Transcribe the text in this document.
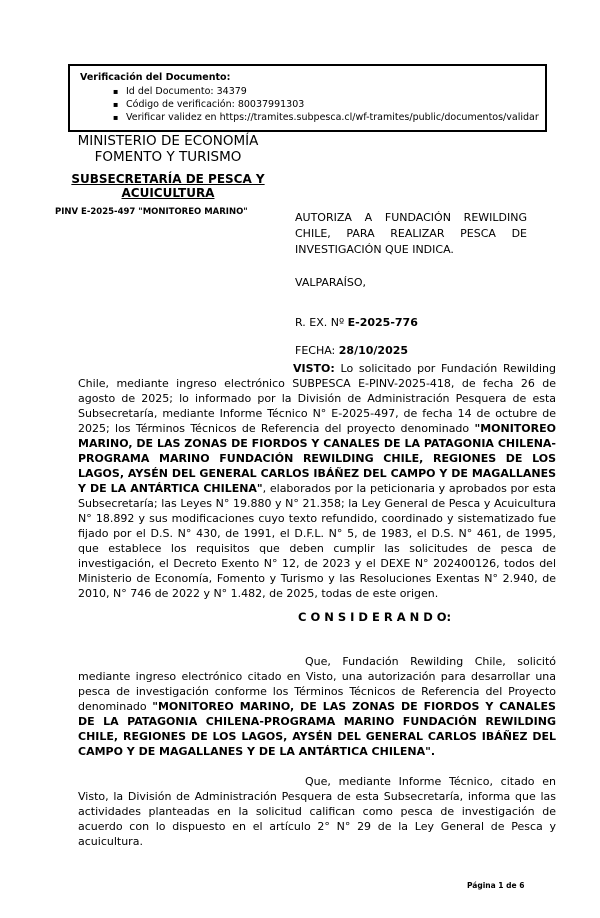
Verificación del Documento:
▪ Id del Documento: 34379
▪ Código de verificación: 80037991303
▪ Verificar validez en https://tramites.subpesca.cl/wf-tramites/public/documentos/validar
MINISTERIO DE ECONOMÍA
FOMENTO Y TURISMO
SUBSECRETARÍA DE PESCA Y ACUICULTURA
PINV E-2025-497 "MONITOREO MARINO"	AUTORIZA A FUNDACIÓN REWILDING CHILE, PARA REALIZAR PESCA DE INVESTIGACIÓN QUE INDICA.
VALPARAÍSO,
R. EX. Nº E-2025-776
FECHA: 28/10/2025

VISTO: Lo solicitado por Fundación Rewilding Chile, mediante ingreso electrónico SUBPESCA E-PINV-2025-418, de fecha 26 de agosto de 2025; lo informado por la División de Administración Pesquera de esta Subsecretaría, mediante Informe Técnico N° E-2025-497, de fecha 14 de octubre de 2025; los Términos Técnicos de Referencia del proyecto denominado "MONITOREO MARINO, DE LAS ZONAS DE FIORDOS Y CANALES DE LA PATAGONIA CHILENA-PROGRAMA MARINO FUNDACIÓN REWILDING CHILE, REGIONES DE LOS LAGOS, AYSÉN DEL GENERAL CARLOS IBÁÑEZ DEL CAMPO Y DE MAGALLANES Y DE LA ANTÁRTICA CHILENA", elaborados por la peticionaria y aprobados por esta Subsecretaría; las Leyes N° 19.880 y N° 21.358; la Ley General de Pesca y Acuicultura N° 18.892 y sus modificaciones cuyo texto refundido, coordinado y sistematizado fue fijado por el D.S. N° 430, de 1991, el D.F.L. N° 5, de 1983, el D.S. N° 461, de 1995, que establece los requisitos que deben cumplir las solicitudes de pesca de investigación, el Decreto Exento N° 12, de 2023 y el DEXE N° 202400126, todos del Ministerio de Economía, Fomento y Turismo y las Resoluciones Exentas N° 2.940, de 2010, N° 746 de 2022 y N° 1.482, de 2025, todas de este origen.

C O N S I D E R A N D O:

Que, Fundación Rewilding Chile, solicitó mediante ingreso electrónico citado en Visto, una autorización para desarrollar una pesca de investigación conforme los Términos Técnicos de Referencia del Proyecto denominado "MONITOREO MARINO, DE LAS ZONAS DE FIORDOS Y CANALES DE LA PATAGONIA CHILENA-PROGRAMA MARINO FUNDACIÓN REWILDING CHILE, REGIONES DE LOS LAGOS, AYSÉN DEL GENERAL CARLOS IBÁÑEZ DEL CAMPO Y DE MAGALLANES Y DE LA ANTÁRTICA CHILENA".

Que, mediante Informe Técnico, citado en Visto, la División de Administración Pesquera de esta Subsecretaría, informa que las actividades planteadas en la solicitud califican como pesca de investigación de acuerdo con lo dispuesto en el artículo 2° N° 29 de la Ley General de Pesca y acuicultura.

Página 1 de 6
